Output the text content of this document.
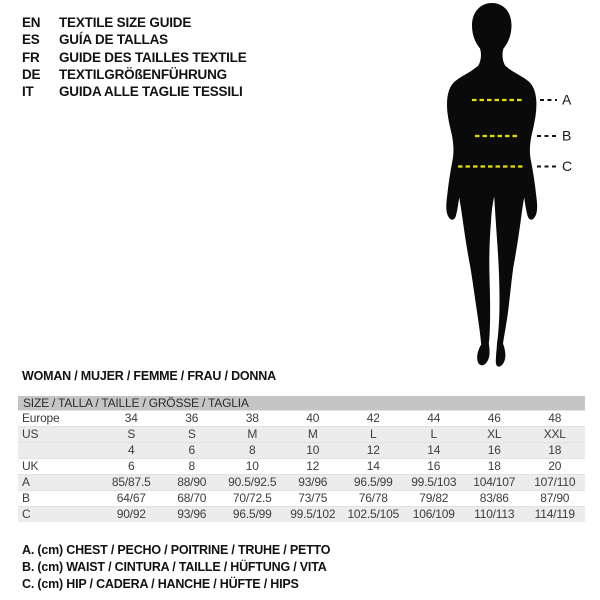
EN TEXTILE SIZE GUIDE
ES GUÍA DE TALLAS
FR GUIDE DES TAILLES TEXTILE
DE TEXTILGRÖßENFÜHRUNG
IT GUIDA ALLE TAGLIE TESSILI	A
B
C
WOMAN / MUJER / FEMME / FRAU / DONNA
SIZE / TALLA / TAILLE / GRÖSSE / TAGLIA								
Europe	34	36	38	40	42	44	46	48
US	S	S	M	M	L	L	XL	XXL
	4	6	8	10	12	14	16	18
UK	6	8	10	12	14	16	18	20
A	85/87.5	88/90	90.5/92.5	93/96	96.5/99	99.5/103	104/107	107/110
B	64/67	68/70	70/72.5	73/75	76/78	79/82	83/86	87/90
C	90/92	93/96	96.5/99	99.5/102	102.5/105	106/109	110/113	114/119
A. (cm) CHEST / PECHO / POITRINE / TRUHE / PETTO
B. (cm) WAIST / CINTURA / TAILLE / HÜFTUNG / VITA
C. (cm) HIP / CADERA / HANCHE / HÜFTE / HIPS
